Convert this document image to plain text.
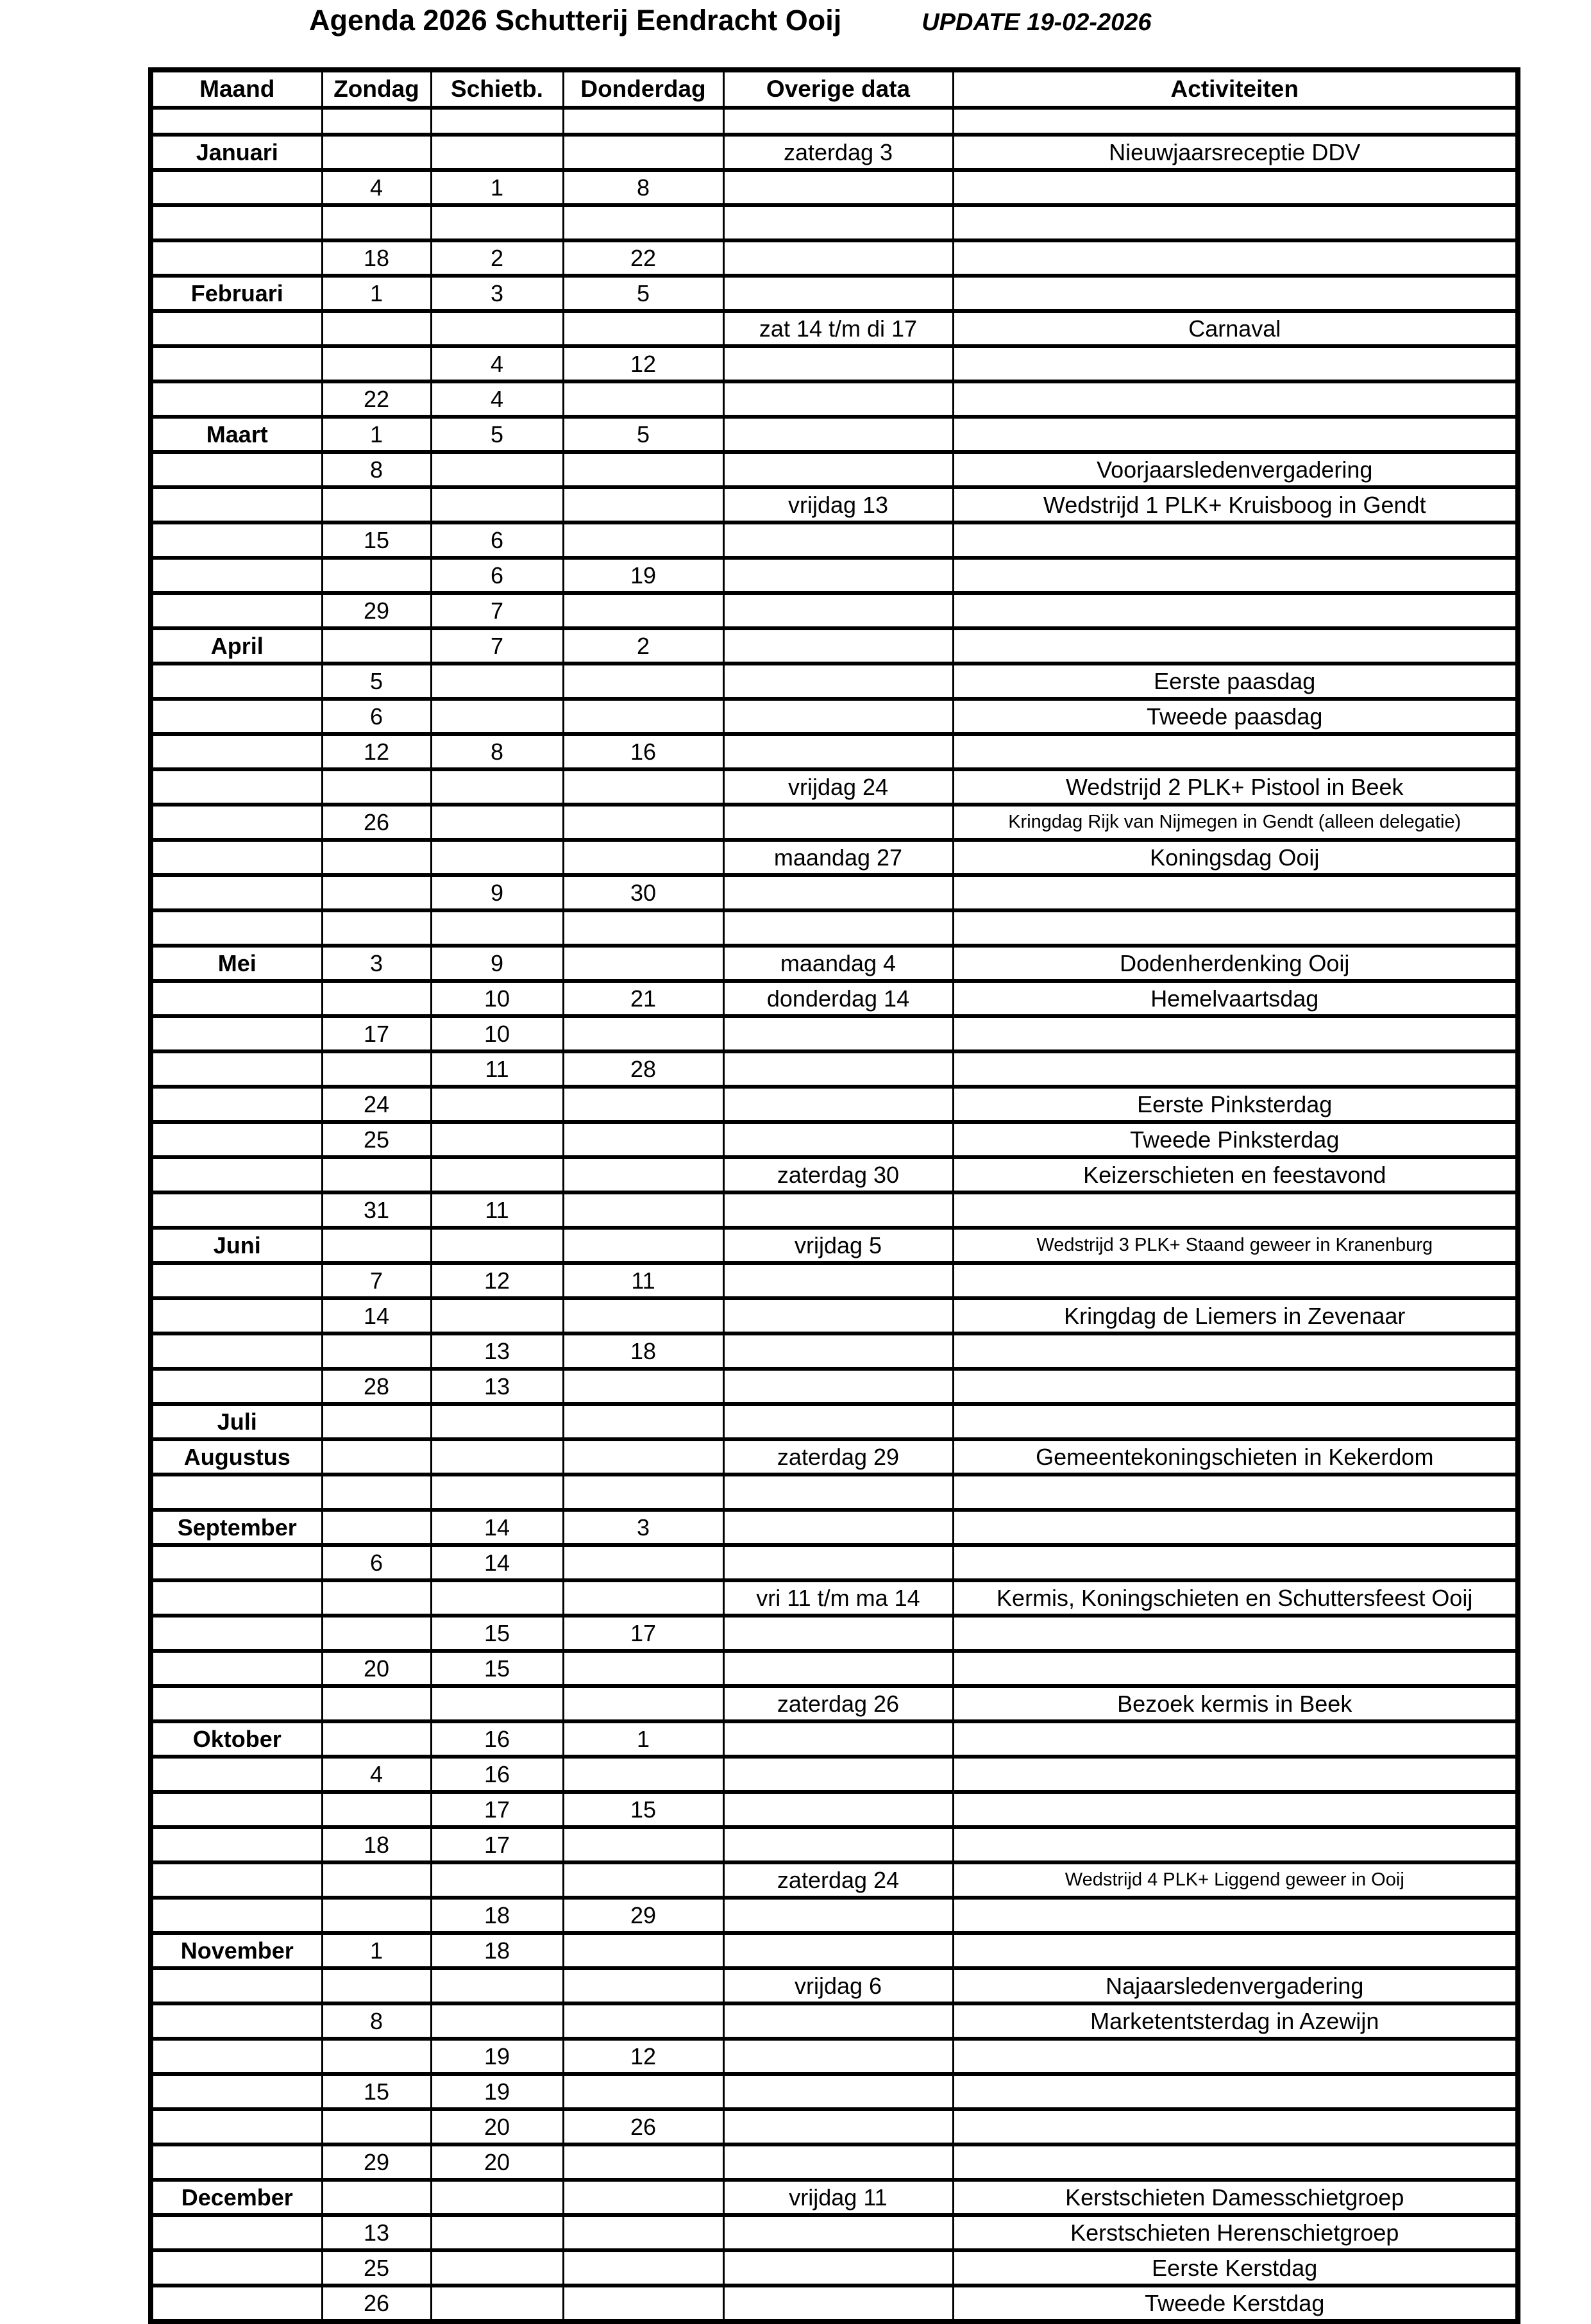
Agenda 2026 Schutterij Eendracht Ooij	UPDATE 19-02-2026
Maand	Zondag	Schietb.	Donderdag	Overige data	Activiteiten

Januari				zaterdag 3	Nieuwjaarsreceptie DDV
	4	1	8		

	18	2	22		
Februari	1	3	5		
				zat 14 t/m di 17	Carnaval
		4	12		
	22	4			
Maart	1	5	5		
	8				Voorjaarsledenvergadering
				vrijdag 13	Wedstrijd 1 PLK+ Kruisboog in Gendt
	15	6			
		6	19		
	29	7			
April		7	2		
	5				Eerste paasdag
	6				Tweede paasdag
	12	8	16		
				vrijdag 24	Wedstrijd 2 PLK+ Pistool in Beek
	26				Kringdag Rijk van Nijmegen in Gendt (alleen delegatie)
				maandag 27	Koningsdag Ooij
		9	30		

Mei	3	9		maandag 4	Dodenherdenking Ooij
		10	21	donderdag 14	Hemelvaartsdag
	17	10			
		11	28		
	24				Eerste Pinksterdag
	25				Tweede Pinksterdag
				zaterdag 30	Keizerschieten en feestavond
	31	11			
Juni				vrijdag 5	Wedstrijd 3 PLK+ Staand geweer in Kranenburg
	7	12	11		
	14				Kringdag de Liemers in Zevenaar
		13	18		
	28	13			
Juli					
Augustus				zaterdag 29	Gemeentekoningschieten in Kekerdom

September		14	3		
	6	14			
				vri 11 t/m ma 14	Kermis, Koningschieten en Schuttersfeest Ooij
		15	17		
	20	15			
				zaterdag 26	Bezoek kermis in Beek
Oktober		16	1		
	4	16			
		17	15		
	18	17			
				zaterdag 24	Wedstrijd 4 PLK+ Liggend geweer in Ooij
		18	29		
November	1	18			
				vrijdag 6	Najaarsledenvergadering
	8				Marketentsterdag in Azewijn
		19	12		
	15	19			
		20	26		
	29	20			
December				vrijdag 11	Kerstschieten Damesschietgroep
	13				Kerstschieten Herenschietgroep
	25				Eerste Kerstdag
	26				Tweede Kerstdag
